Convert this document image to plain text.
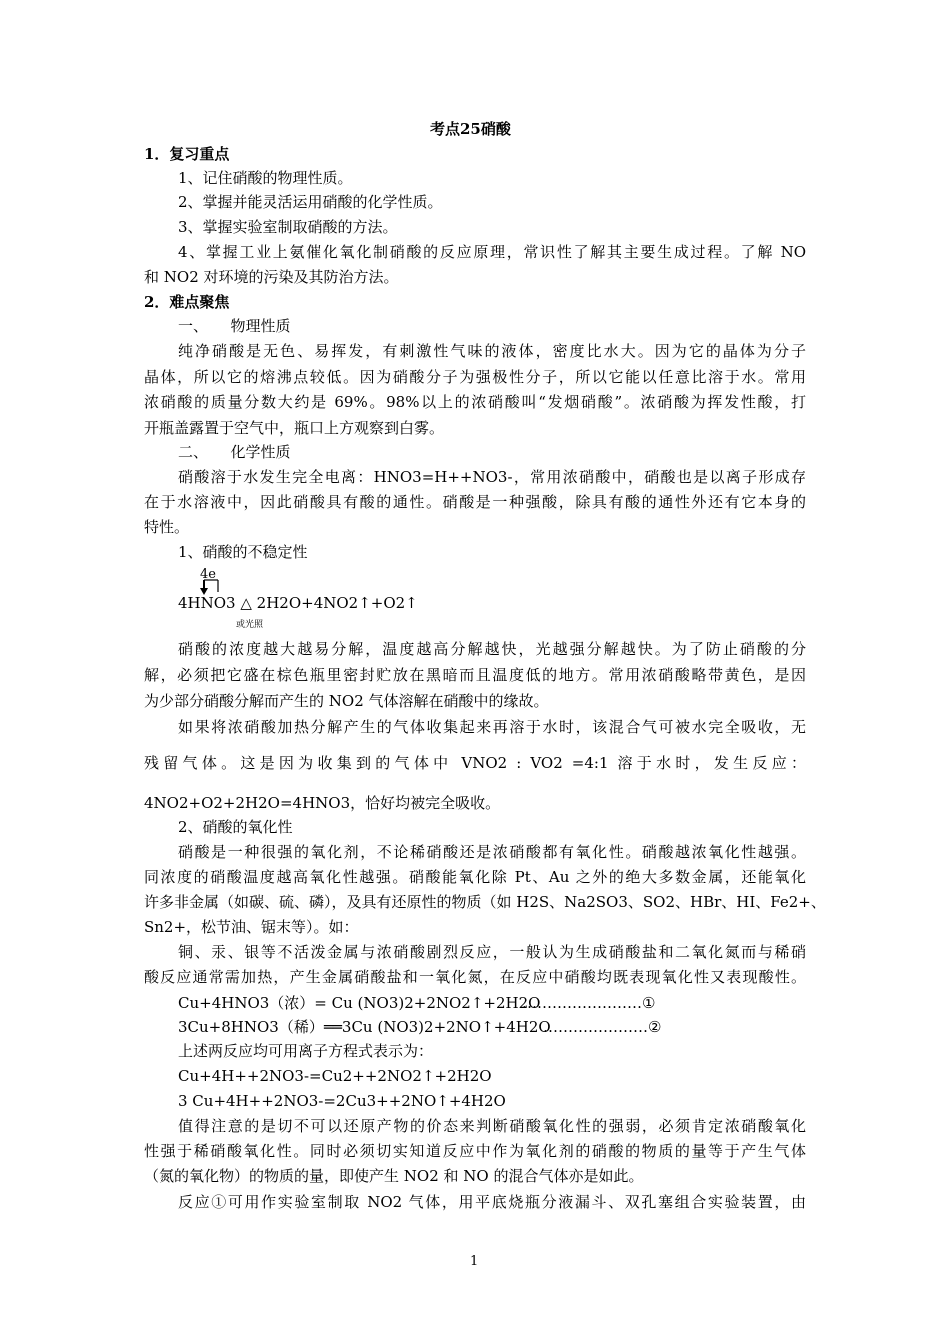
考点25硝酸
1．复习重点
1、记住硝酸的物理性质。
2、掌握并能灵活运用硝酸的化学性质。
3、掌握实验室制取硝酸的方法。
4、掌握工业上氨催化氧化制硝酸的反应原理，常识性了解其主要生成过程。了解 NO
和 NO2 对环境的污染及其防治方法。
2．难点聚焦
一、　　物理性质
纯净硝酸是无色、易挥发，有刺激性气味的液体，密度比水大。因为它的晶体为分子
晶体，所以它的熔沸点较低。因为硝酸分子为强极性分子，所以它能以任意比溶于水。常用
浓硝酸的质量分数大约是 69%。98%以上的浓硝酸叫“发烟硝酸”。浓硝酸为挥发性酸，打
开瓶盖露置于空气中，瓶口上方观察到白雾。
二、　　化学性质
硝酸溶于水发生完全电离：HNO3=H++NO3-，常用浓硝酸中，硝酸也是以离子形成存
在于水溶液中，因此硝酸具有酸的通性。硝酸是一种强酸，除具有酸的通性外还有它本身的
特性。
1、硝酸的不稳定性
4e
4HNO3 △ 2H2O+4NO2↑+O2↑
或光照
硝酸的浓度越大越易分解，温度越高分解越快，光越强分解越快。为了防止硝酸的分
解，必须把它盛在棕色瓶里密封贮放在黑暗而且温度低的地方。常用浓硝酸略带黄色，是因
为少部分硝酸分解而产生的 NO2 气体溶解在硝酸中的缘故。
如果将浓硝酸加热分解产生的气体收集起来再溶于水时，该混合气可被水完全吸收，无
残留气体。这是因为收集到的气体中 VNO2 : VO2 =4:1 溶于水时，发生反应：
4NO2+O2+2H2O=4HNO3，恰好均被完全吸收。
2、硝酸的氧化性
硝酸是一种很强的氧化剂，不论稀硝酸还是浓硝酸都有氧化性。硝酸越浓氧化性越强。
同浓度的硝酸温度越高氧化性越强。硝酸能氧化除 Pt、Au 之外的绝大多数金属，还能氧化
许多非金属（如碳、硫、磷），及具有还原性的物质（如 H2S、Na2SO3、SO2、HBr、HI、Fe2+、
Sn2+，松节油、锯末等）。如：
铜、汞、银等不活泼金属与浓硝酸剧烈反应，一般认为生成硝酸盐和二氧化氮而与稀硝
酸反应通常需加热，产生金属硝酸盐和一氧化氮，在反应中硝酸均既表现氧化性又表现酸性。
Cu+4HNO3（浓）= Cu (NO3)2+2NO2↑+2H2O
……………………①
3Cu+8HNO3（稀）══3Cu (NO3)2+2NO↑+4H2O
…………………②
上述两反应均可用离子方程式表示为：
Cu+4H++2NO3-=Cu2++2NO2↑+2H2O
3 Cu+4H++2NO3-=2Cu3++2NO↑+4H2O
值得注意的是切不可以还原产物的价态来判断硝酸氧化性的强弱，必须肯定浓硝酸氧化
性强于稀硝酸氧化性。同时必须切实知道反应中作为氧化剂的硝酸的物质的量等于产生气体
（氮的氧化物）的物质的量，即使产生 NO2 和 NO 的混合气体亦是如此。
反应①可用作实验室制取 NO2 气体，用平底烧瓶分液漏斗、双孔塞组合实验装置，由
1
